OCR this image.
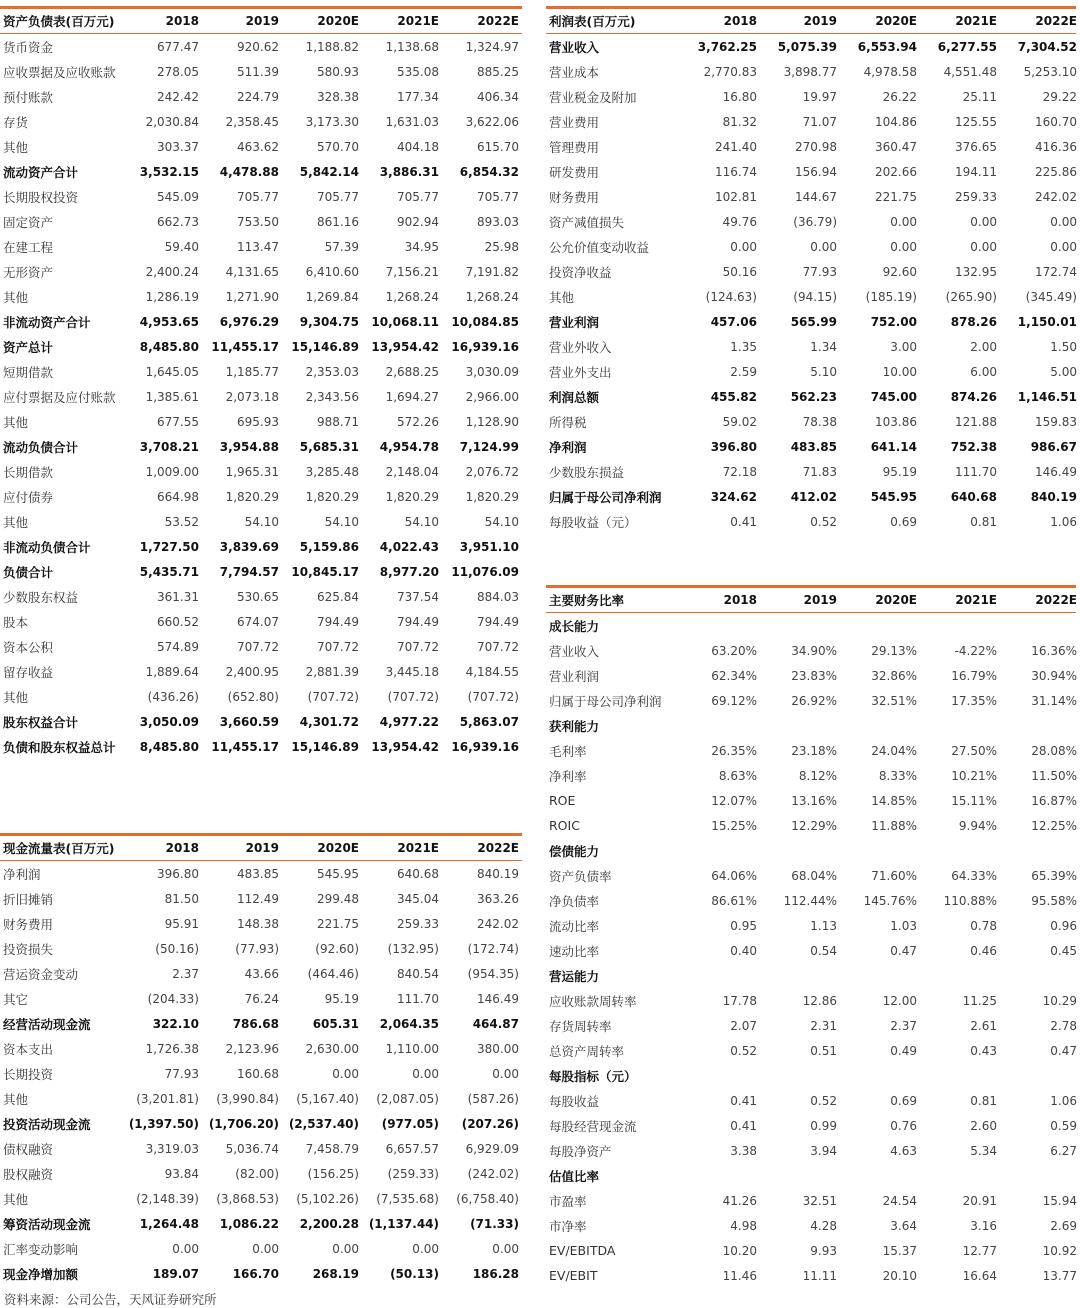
资产负债表(百万元)	2018	2019	2020E	2021E	2022E
货币资金	677.47	920.62	1,188.82	1,138.68	1,324.97
应收票据及应收账款	278.05	511.39	580.93	535.08	885.25
预付账款	242.42	224.79	328.38	177.34	406.34
存货	2,030.84	2,358.45	3,173.30	1,631.03	3,622.06
其他	303.37	463.62	570.70	404.18	615.70
流动资产合计	3,532.15	4,478.88	5,842.14	3,886.31	6,854.32
长期股权投资	545.09	705.77	705.77	705.77	705.77
固定资产	662.73	753.50	861.16	902.94	893.03
在建工程	59.40	113.47	57.39	34.95	25.98
无形资产	2,400.24	4,131.65	6,410.60	7,156.21	7,191.82
其他	1,286.19	1,271.90	1,269.84	1,268.24	1,268.24
非流动资产合计	4,953.65	6,976.29	9,304.75	10,068.11	10,084.85
资产总计	8,485.80	11,455.17	15,146.89	13,954.42	16,939.16
短期借款	1,645.05	1,185.77	2,353.03	2,688.25	3,030.09
应付票据及应付账款	1,385.61	2,073.18	2,343.56	1,694.27	2,966.00
其他	677.55	695.93	988.71	572.26	1,128.90
流动负债合计	3,708.21	3,954.88	5,685.31	4,954.78	7,124.99
长期借款	1,009.00	1,965.31	3,285.48	2,148.04	2,076.72
应付债券	664.98	1,820.29	1,820.29	1,820.29	1,820.29
其他	53.52	54.10	54.10	54.10	54.10
非流动负债合计	1,727.50	3,839.69	5,159.86	4,022.43	3,951.10
负债合计	5,435.71	7,794.57	10,845.17	8,977.20	11,076.09
少数股东权益	361.31	530.65	625.84	737.54	884.03
股本	660.52	674.07	794.49	794.49	794.49
资本公积	574.89	707.72	707.72	707.72	707.72
留存收益	1,889.64	2,400.95	2,881.39	3,445.18	4,184.55
其他	(436.26)	(652.80)	(707.72)	(707.72)	(707.72)
股东权益合计	3,050.09	3,660.59	4,301.72	4,977.22	5,863.07
负债和股东权益总计	8,485.80	11,455.17	15,146.89	13,954.42	16,939.16
利润表(百万元)	2018	2019	2020E	2021E	2022E
营业收入	3,762.25	5,075.39	6,553.94	6,277.55	7,304.52
营业成本	2,770.83	3,898.77	4,978.58	4,551.48	5,253.10
营业税金及附加	16.80	19.97	26.22	25.11	29.22
营业费用	81.32	71.07	104.86	125.55	160.70
管理费用	241.40	270.98	360.47	376.65	416.36
研发费用	116.74	156.94	202.66	194.11	225.86
财务费用	102.81	144.67	221.75	259.33	242.02
资产减值损失	49.76	(36.79)	0.00	0.00	0.00
公允价值变动收益	0.00	0.00	0.00	0.00	0.00
投资净收益	50.16	77.93	92.60	132.95	172.74
其他	(124.63)	(94.15)	(185.19)	(265.90)	(345.49)
营业利润	457.06	565.99	752.00	878.26	1,150.01
营业外收入	1.35	1.34	3.00	2.00	1.50
营业外支出	2.59	5.10	10.00	6.00	5.00
利润总额	455.82	562.23	745.00	874.26	1,146.51
所得税	59.02	78.38	103.86	121.88	159.83
净利润	396.80	483.85	641.14	752.38	986.67
少数股东损益	72.18	71.83	95.19	111.70	146.49
归属于母公司净利润	324.62	412.02	545.95	640.68	840.19
每股收益（元）	0.41	0.52	0.69	0.81	1.06
主要财务比率	2018	2019	2020E	2021E	2022E
成长能力
营业收入	63.20%	34.90%	29.13%	-4.22%	16.36%
营业利润	62.34%	23.83%	32.86%	16.79%	30.94%
归属于母公司净利润	69.12%	26.92%	32.51%	17.35%	31.14%
获利能力
毛利率	26.35%	23.18%	24.04%	27.50%	28.08%
净利率	8.63%	8.12%	8.33%	10.21%	11.50%
ROE	12.07%	13.16%	14.85%	15.11%	16.87%
ROIC	15.25%	12.29%	11.88%	9.94%	12.25%
偿债能力
资产负债率	64.06%	68.04%	71.60%	64.33%	65.39%
净负债率	86.61%	112.44%	145.76%	110.88%	95.58%
流动比率	0.95	1.13	1.03	0.78	0.96
速动比率	0.40	0.54	0.47	0.46	0.45
营运能力
应收账款周转率	17.78	12.86	12.00	11.25	10.29
存货周转率	2.07	2.31	2.37	2.61	2.78
总资产周转率	0.52	0.51	0.49	0.43	0.47
每股指标（元）
每股收益	0.41	0.52	0.69	0.81	1.06
每股经营现金流	0.41	0.99	0.76	2.60	0.59
每股净资产	3.38	3.94	4.63	5.34	6.27
估值比率
市盈率	41.26	32.51	24.54	20.91	15.94
市净率	4.98	4.28	3.64	3.16	2.69
EV/EBITDA	10.20	9.93	15.37	12.77	10.92
EV/EBIT	11.46	11.11	20.10	16.64	13.77
现金流量表(百万元)	2018	2019	2020E	2021E	2022E
净利润	396.80	483.85	545.95	640.68	840.19
折旧摊销	81.50	112.49	299.48	345.04	363.26
财务费用	95.91	148.38	221.75	259.33	242.02
投资损失	(50.16)	(77.93)	(92.60)	(132.95)	(172.74)
营运资金变动	2.37	43.66	(464.46)	840.54	(954.35)
其它	(204.33)	76.24	95.19	111.70	146.49
经营活动现金流	322.10	786.68	605.31	2,064.35	464.87
资本支出	1,726.38	2,123.96	2,630.00	1,110.00	380.00
长期投资	77.93	160.68	0.00	0.00	0.00
其他	(3,201.81)	(3,990.84)	(5,167.40)	(2,087.05)	(587.26)
投资活动现金流	(1,397.50) (1,706.20) (2,537.40)	(977.05)	(207.26)
债权融资	3,319.03	5,036.74	7,458.79	6,657.57	6,929.09
股权融资	93.84	(82.00)	(156.25)	(259.33)	(242.02)
其他	(2,148.39)	(3,868.53)	(5,102.26)	(7,535.68)	(6,758.40)
筹资活动现金流	1,264.48	1,086.22	2,200.28 (1,137.44)	(71.33)
汇率变动影响	0.00	0.00	0.00	0.00	0.00
现金净增加额	189.07	166.70	268.19	(50.13)	186.28
资料来源：公司公告，天风证券研究所
